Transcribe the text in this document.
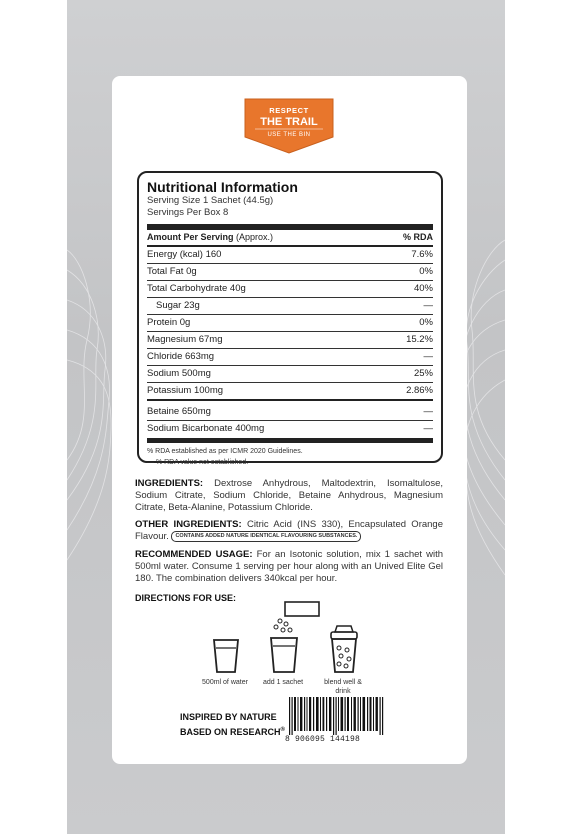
RESPECT
THE TRAIL
USE THE BIN
Nutritional Information
Serving Size 1 Sachet (44.5g)
Servings Per Box 8
Amount Per Serving (Approx.)	% RDA
Energy (kcal) 160	7.6%
Total Fat 0g	0%
Total Carbohydrate 40g	40%
Sugar 23g	—
Protein 0g	0%
Magnesium 67mg	15.2%
Chloride 663mg	—
Sodium 500mg	25%
Potassium 100mg	2.86%
Betaine 650mg	—
Sodium Bicarbonate 400mg	—
% RDA established as per ICMR 2020 Guidelines.
— % RDA value not established.
INGREDIENTS: Dextrose Anhydrous, Maltodextrin, Isomaltulose, Sodium Citrate, Sodium Chloride, Betaine Anhydrous, Magnesium Citrate, Beta-Alanine, Potassium Chloride.
OTHER INGREDIENTS: Citric Acid (INS 330), Encapsulated Orange Flavour. CONTAINS ADDED NATURE IDENTICAL FLAVOURING SUBSTANCES.
RECOMMENDED USAGE: For an Isotonic solution, mix 1 sachet with 500ml water. Consume 1 serving per hour along with an Unived Elite Gel 180. The combination delivers 340kcal per hour.
DIRECTIONS FOR USE:
500ml of water	add 1 sachet	blend well & drink
INSPIRED BY NATURE
BASED ON RESEARCH®
8 906095 144198
